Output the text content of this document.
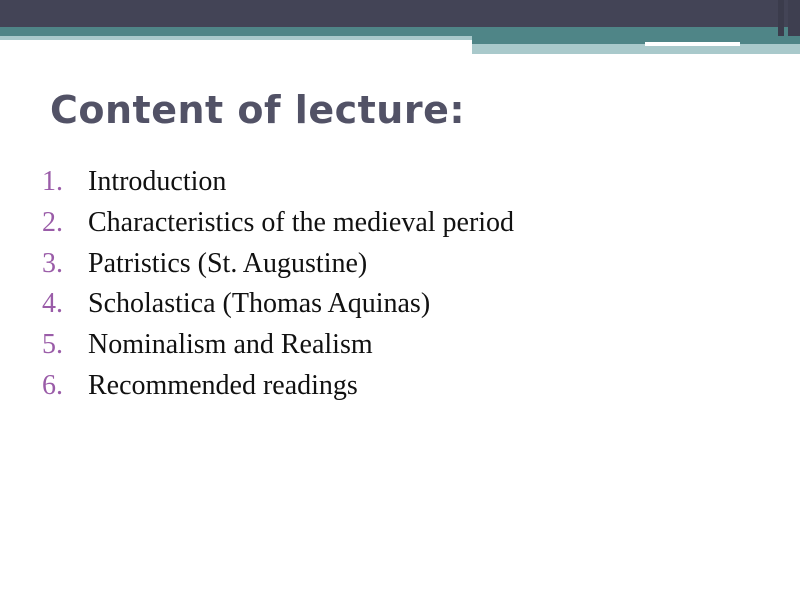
Content of lecture:
1. Introduction
2. Characteristics of the medieval period
3. Patristics (St. Augustine)
4. Scholastica (Thomas Aquinas)
5. Nominalism and Realism
6. Recommended readings
